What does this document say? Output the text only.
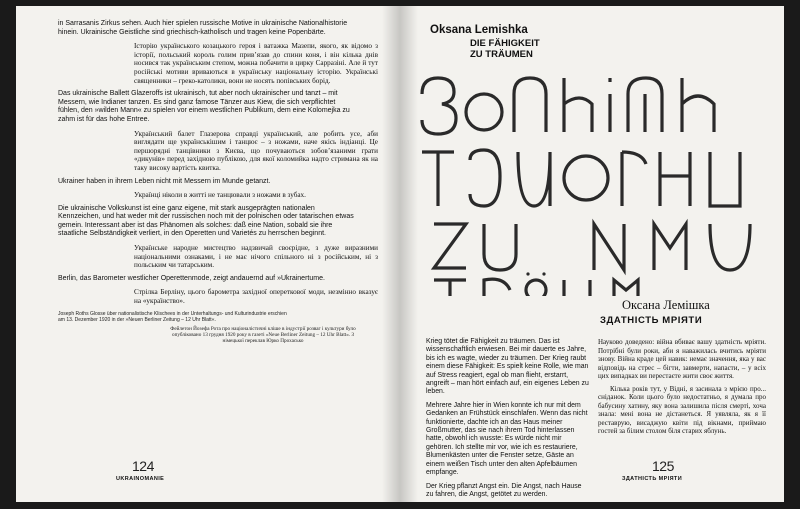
in Sarrasanis Zirkus sehen. Auch hier spielen russische Motive in ukrainische Nationalhistorie hinein. Ukrainische Geistliche sind griechisch-katholisch und tragen keine Popenbärte.

Історію українського козацького героя і ватажка Мазепи, якого, як відомо з історії, польський король голим прив’язав до спини коня, і він кілька днів носився так українським степом, можна побачити в цирку Сарразіні. Але й тут російські мотиви вриваються в українську національну історію. Українські священники – греко-католики, вони не носять попівських борід.

Das ukrainische Ballett Glazeroffs ist ukrainisch, tut aber noch ukrainischer und tanzt – mit Messern, wie Indianer tanzen. Es sind ganz famose Tänzer aus Kiew, die sich verpflichtet fühlen, den »wilden Mann« zu spielen vor einem westlichen Publikum, dem eine Kolomejka zu zahm ist für das hohe Entree.

Український балет Глазерова справді український, але робить усе, аби виглядати ще українськішим і танцює – з ножами, наче якісь індіанці. Це першорядні танцівники з Києва, що почуваються зобов’язаними грати «дикунів» перед західною публікою, для якої коломийка надто стримана як на таку високу вартість квитка.

Ukrainer haben in ihrem Leben nicht mit Messern im Munde getanzt.

Українці ніколи в житті не танцювали з ножами в зубах.

Die ukrainische Volkskunst ist eine ganz eigene, mit stark ausgeprägten nationalen Kennzeichen, und hat weder mit der russischen noch mit der polnischen oder tatarischen etwas gemein. Interessant aber ist das Phänomen als solches: daß eine Nation, sobald sie ihre staatliche Selbständigkeit verliert, in den Operetten und Varietés zu herrschen beginnt.

Українське народне мистецтво надзвичай своєрідне, з дуже виразними національними ознаками, і не має нічого спільного ні з російським, ні з польським чи татарським.

Berlin, das Barometer westlicher Operettenmode, zeigt andauernd auf »Ukrainertume.

Стрілка Берліну, цього барометра західної опереткової моди, незмінно вказує на «українство».

Joseph Roths Glosse über nationalistische Klischees in der Unterhaltungs- und Kulturindustrie erschien am 13. Dezember 1920 in der »Neuen Berliner Zeitung – 12 Uhr Blatt«.

Фейлетон Йозефа Рота про націоналістичні кліше в індустрії розваг і культури було опубліковано 13 грудня 1920 року в газеті «Neue Berliner Zeitung – 12 Uhr Blatt». З німецької переклав Юрко Прохасько

124
UKRAINOMANIE
Oksana Lemishka
DIE FÄHIGKEIT
ZU TRÄUMEN
Оксана Лемішка
ЗДАТНІСТЬ МРІЯТИ

Krieg tötet die Fähigkeit zu träumen. Das ist wissenschaftlich erwiesen. Bei mir dauerte es Jahre, bis ich es wagte, wieder zu träumen. Der Krieg raubt einem diese Fähigkeit: Es spielt keine Rolle, wie man auf Stress reagiert, egal ob man flieht, erstarrt, angreift – man hört einfach auf, ein eigenes Leben zu leben.

Mehrere Jahre hier in Wien konnte ich nur mit dem Gedanken an Frühstück einschlafen. Wenn das nicht funktionierte, dachte ich an das Haus meiner Großmutter, das sie nach ihrem Tod hinterlassen hatte, obwohl ich wusste: Es würde nicht mir gehören. Ich stellte mir vor, wie ich es restauriere, Blumenkästen unter die Fenster setze, Gäste an einem weißen Tisch unter den alten Apfelbäumen empfange.

Der Krieg pflanzt Angst ein. Die Angst, nach Hause zu fahren, die Angst, getötet zu werden.

Науково доведено: війна вбиває вашу здатність мріяти. Потрібні були роки, аби я наважилась вчитись мріяти знову. Війна краде цей навик: немає значення, яка у вас відповідь на стрес – бігти, завмерти, напасти, – у всіх цих випадках ви перестаєте жити своє життя.

Кілька років тут, у Відні, я засинала з мрією про... сніданок. Коли цього було недостатньо, я думала про бабусину хатину, яку вона залишила після смерті, хоча знала: мені вона не дістанеться. Я уявляла, як я її реставрую, висаджую квіти під вікнами, приймаю гостей за білим столом біля старих яблунь.

125
ЗДАТНІСТЬ МРІЯТИ
